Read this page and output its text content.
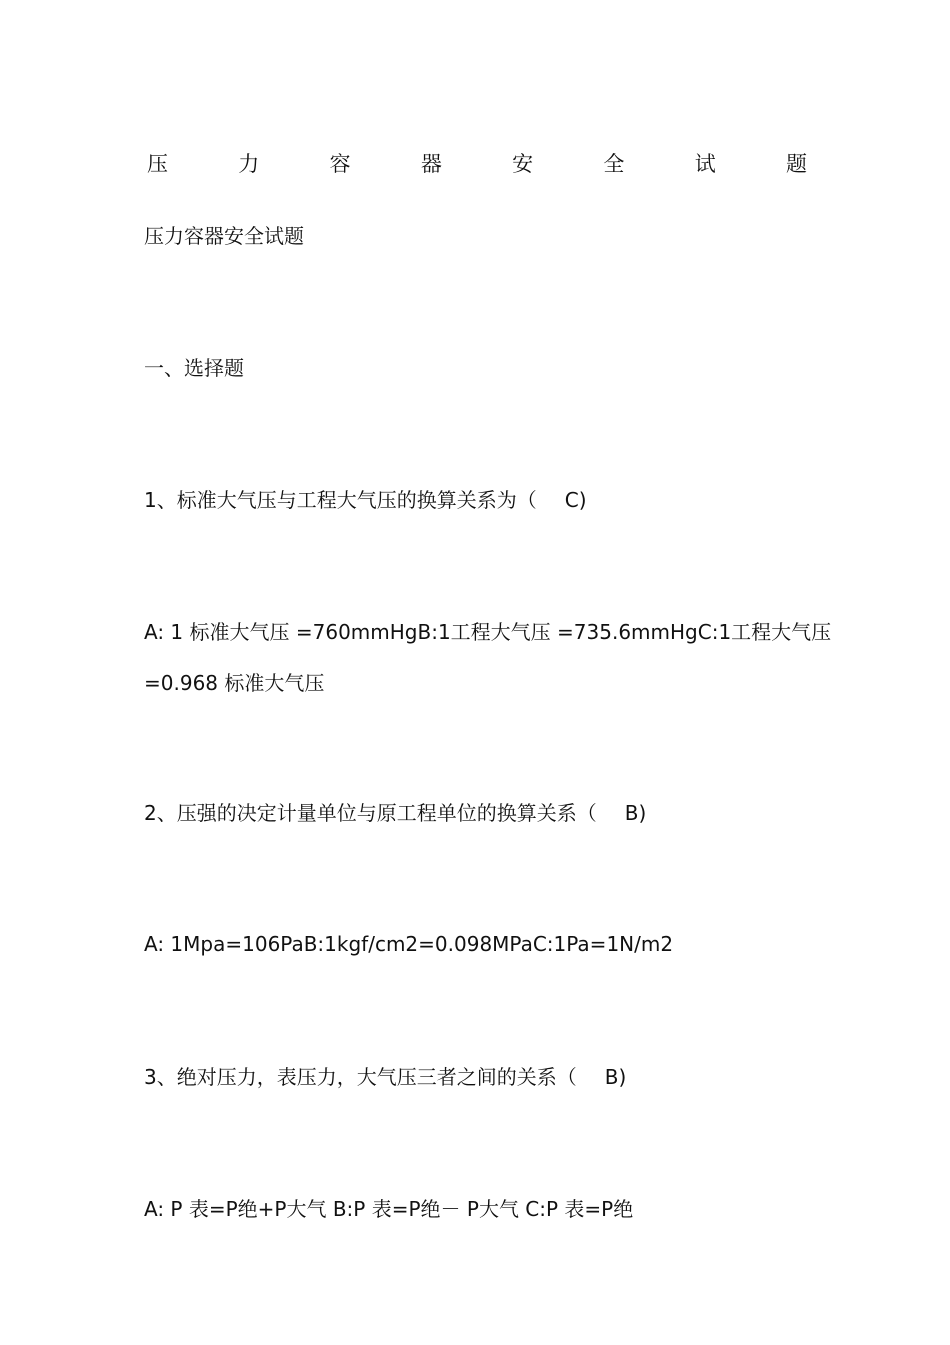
压	力	容	器	安	全	试	题
压力容器安全试题
一、选择题
1、标准大气压与工程大气压的换算关系为（ C)
A: 1 标准大气压 =760mmHgB:1工程大气压 =735.6mmHgC:1工程大气压
=0.968 标准大气压
2、压强的决定计量单位与原工程单位的换算关系（ B)
A: 1Mpa=106PaB:1kgf/cm2=0.098MPaC:1Pa=1N/m2
3、绝对压力，表压力，大气压三者之间的关系（ B)
A: P 表=P绝+P大气 B:P 表=P绝－ P大气 C:P 表=P绝
